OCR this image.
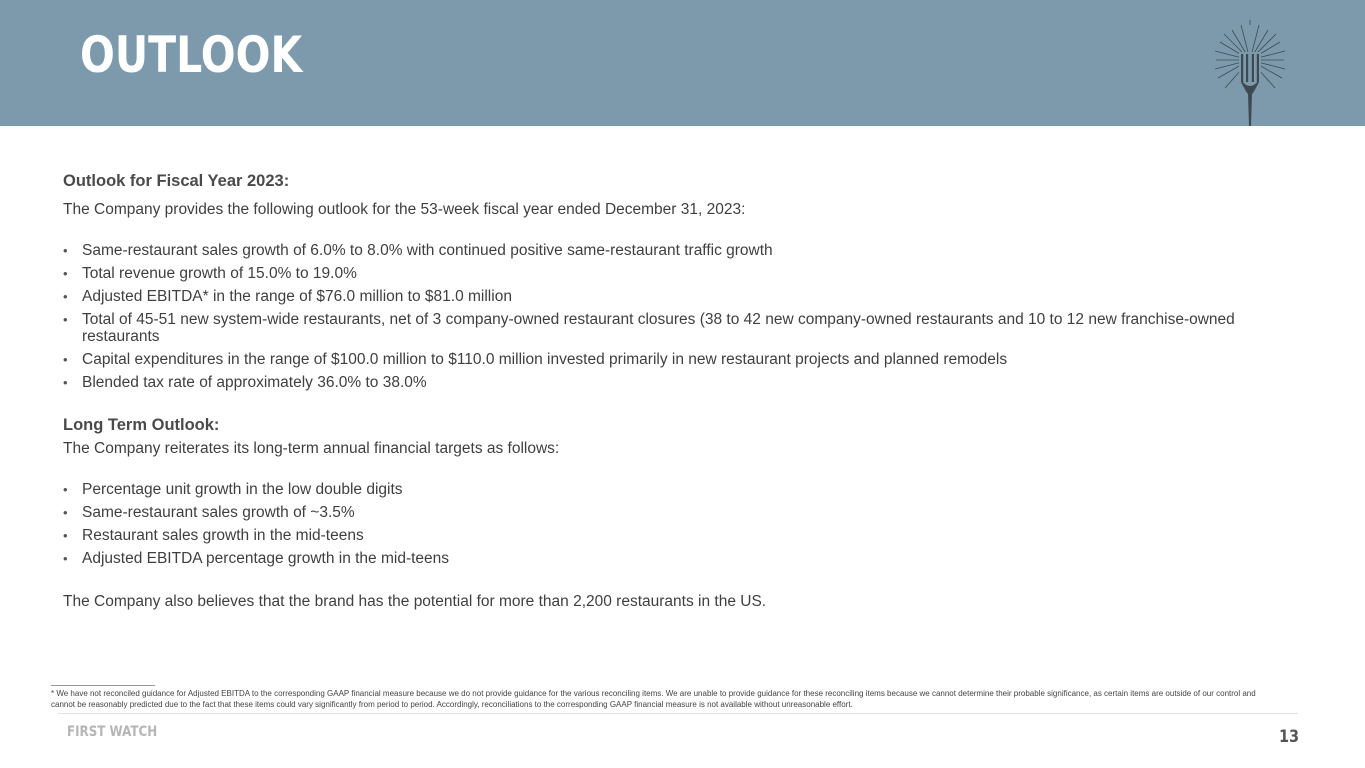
OUTLOOK

Outlook for Fiscal Year 2023:

The Company provides the following outlook for the 53-week fiscal year ended December 31, 2023:

• Same-restaurant sales growth of 6.0% to 8.0% with continued positive same-restaurant traffic growth
• Total revenue growth of 15.0% to 19.0%
• Adjusted EBITDA* in the range of $76.0 million to $81.0 million
• Total of 45-51 new system-wide restaurants, net of 3 company-owned restaurant closures (38 to 42 new company-owned restaurants and 10 to 12 new franchise-owned restaurants
• Capital expenditures in the range of $100.0 million to $110.0 million invested primarily in new restaurant projects and planned remodels
• Blended tax rate of approximately 36.0% to 38.0%

Long Term Outlook:

The Company reiterates its long-term annual financial targets as follows:

• Percentage unit growth in the low double digits
• Same-restaurant sales growth of ~3.5%
• Restaurant sales growth in the mid-teens
• Adjusted EBITDA percentage growth in the mid-teens

The Company also believes that the brand has the potential for more than 2,200 restaurants in the US.

* We have not reconciled guidance for Adjusted EBITDA to the corresponding GAAP financial measure because we do not provide guidance for the various reconciling items. We are unable to provide guidance for these reconciling items because we cannot determine their probable significance, as certain items are outside of our control and cannot be reasonably predicted due to the fact that these items could vary significantly from period to period. Accordingly, reconciliations to the corresponding GAAP financial measure is not available without unreasonable effort.
FIRST WATCH	13
